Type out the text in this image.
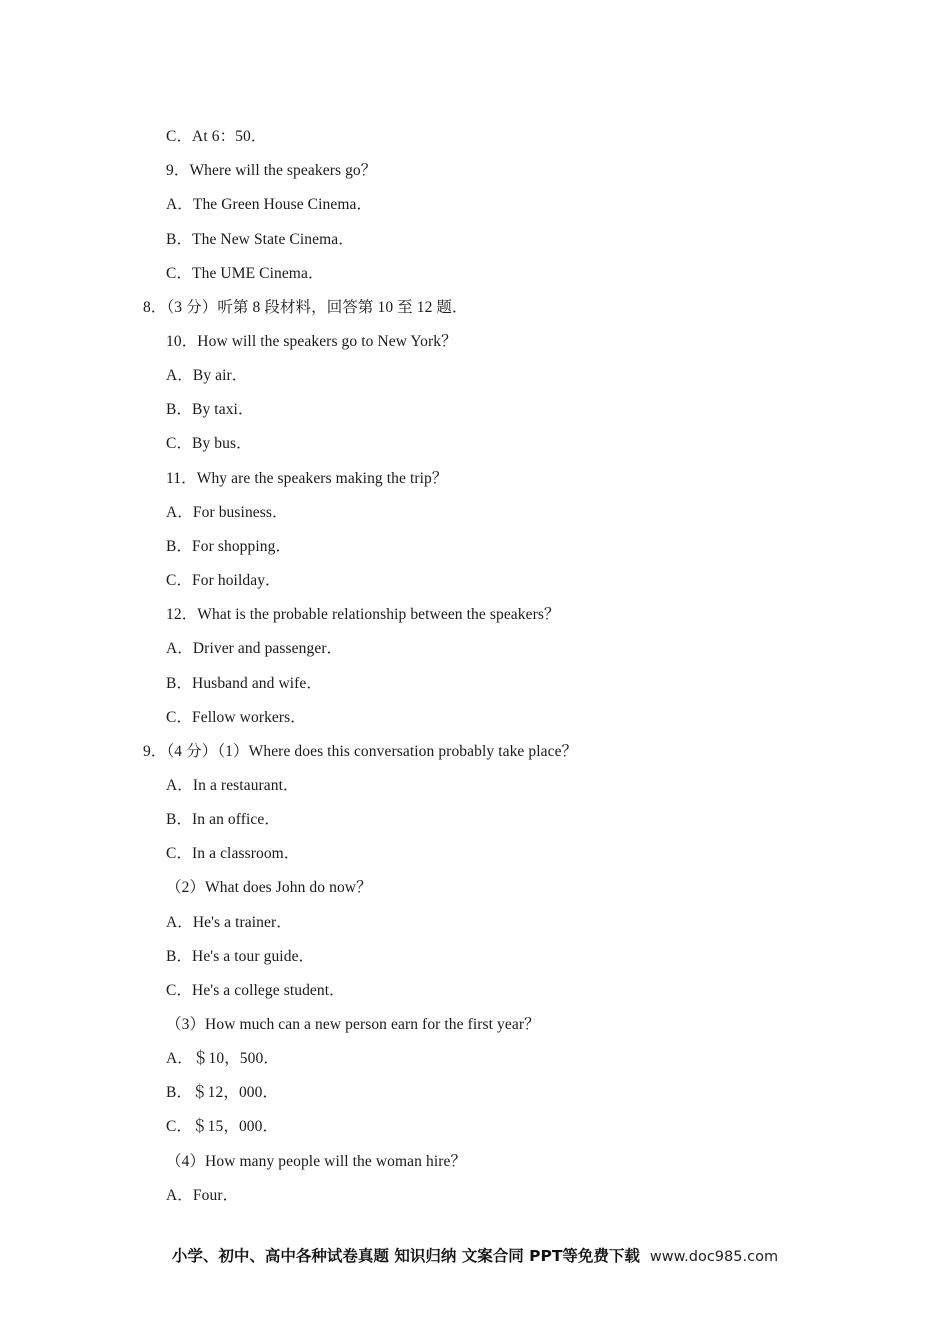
C．At 6：50．
9．Where will the speakers go？
A．The Green House Cinema．
B．The New State Cinema．
C．The UME Cinema．
8．（3 分）听第 8 段材料，回答第 10 至 12 题．
10．How will the speakers go to New York？
A．By air．
B．By taxi．
C．By bus．
11．Why are the speakers making the trip？
A．For business．
B．For shopping．
C．For hoilday．
12．What is the probable relationship between the speakers？
A．Driver and passenger．
B．Husband and wife．
C．Fellow workers．
9．（4 分）（1）Where does this conversation probably take place？
A．In a restaurant．
B．In an office．
C．In a classroom．
（2）What does John do now？
A．He's a trainer．
B．He's a tour guide．
C．He's a college student．
（3）How much can a new person earn for the first year？
A．＄10，500．
B．＄12，000．
C．＄15，000．
（4）How many people will the woman hire？
A．Four．
小学、初中、高中各种试卷真题 知识归纳 文案合同 PPT等免费下载 www.doc985.com
